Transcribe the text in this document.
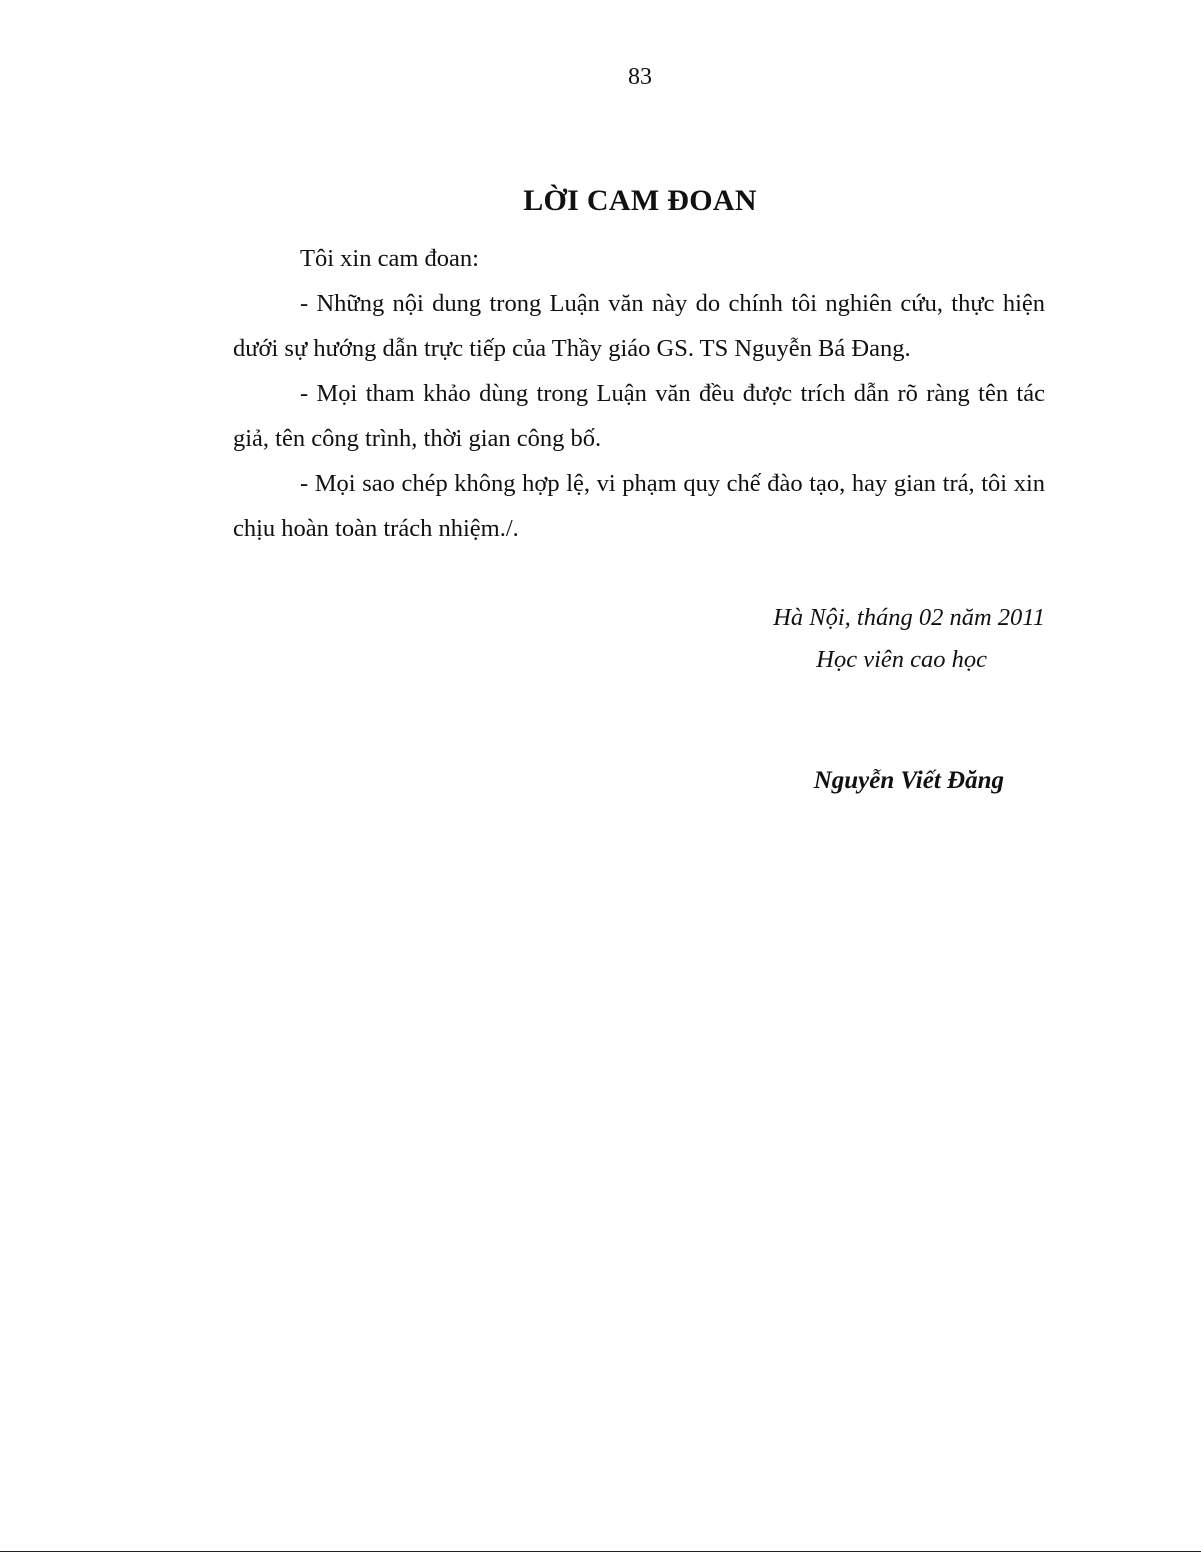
83
LỜI CAM ĐOAN

Tôi xin cam đoan:

- Những nội dung trong Luận văn này do chính tôi nghiên cứu, thực hiện dưới sự hướng dẫn trực tiếp của Thầy giáo GS. TS Nguyễn Bá Đang.

- Mọi tham khảo dùng trong Luận văn đều được trích dẫn rõ ràng tên tác giả, tên công trình, thời gian công bố.

- Mọi sao chép không hợp lệ, vi phạm quy chế đào tạo, hay gian trá, tôi xin chịu hoàn toàn trách nhiệm./.

Hà Nội, tháng 02 năm 2011
Học viên cao học
Nguyễn Viết Đăng
